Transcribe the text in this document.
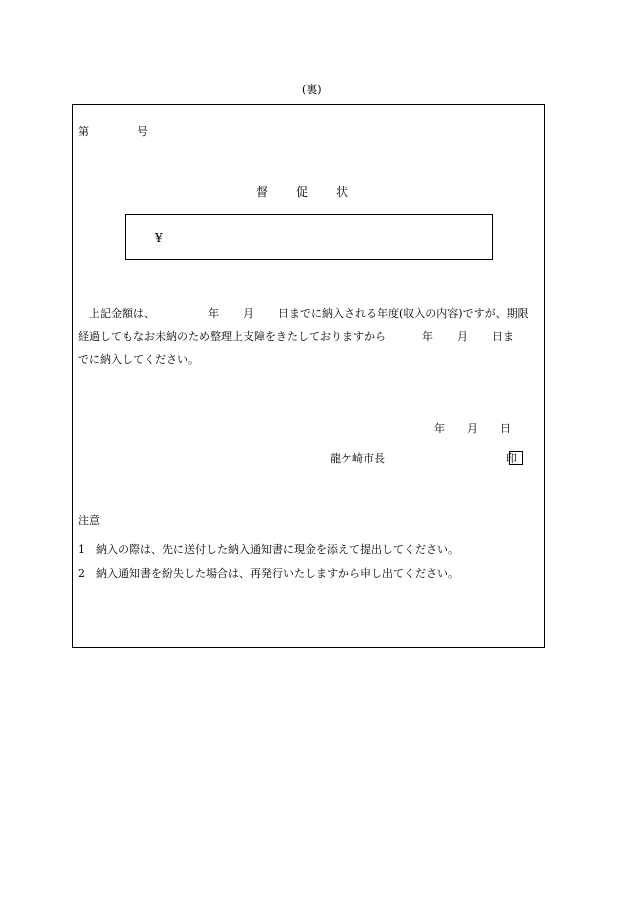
(裏)
第	号
督 促 状
¥
上記金額は、	年 月 日までに納入される年度(収入の内容)ですが、期限
経過してもなお未納のため整理上支障をきたしておりますから	年 月 日ま
でに納入してください。
年 月 日
龍ケ崎市長	印
注意
1 納入の際は、先に送付した納入通知書に現金を添えて提出してください。
2 納入通知書を紛失した場合は、再発行いたしますから申し出てください。
